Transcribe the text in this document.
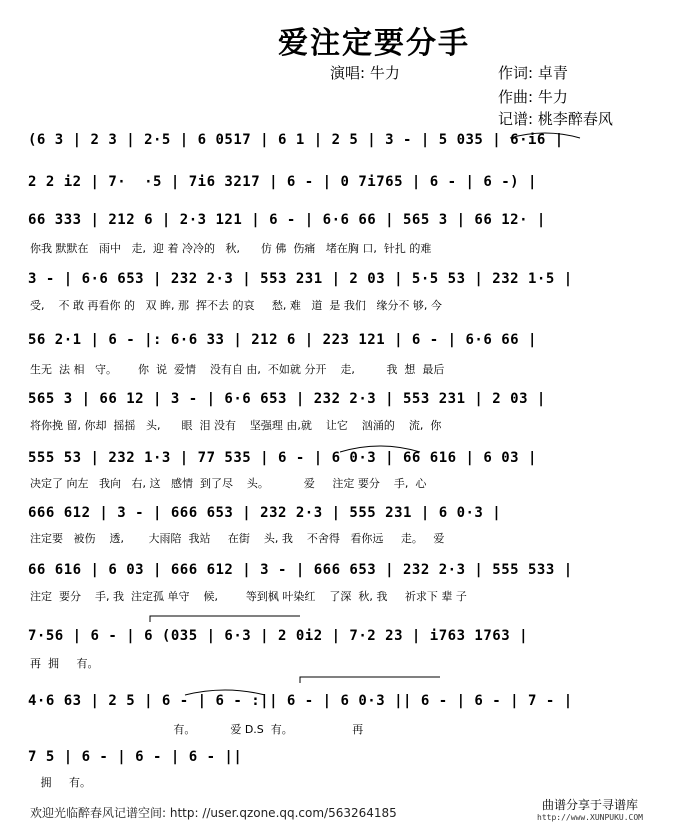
爱注定要分手
演唱: 牛力	作词: 卓青
作曲: 牛力
记谱: 桃李醉春风
(6 3 | 2 3 | 2·5 | 6 0517 | 6 1 | 2 5 | 3 - | 5 035 | 6·i6 |
2 2 i2 | 7·  ·5 | 7i6 3217 | 6 - | 0 7i765 | 6 - | 6 -) |
66 333 | 212 6 | 2·3 121 | 6 - | 6·6 66 | 565 3 | 66 12· |
你我 默默在   雨中   走,  迎 着 冷冷的   秋,      仿 佛  伤痛   堵在胸 口,  针扎 的难
3 - | 6·6 653 | 232 2·3 | 553 231 | 2 03 | 5·5 53 | 232 1·5 |
受,    不 敢 再看你 的   双 眸, 那  挥不去 的哀     愁, 难   道  是 我们   缘分不 够, 今
56 2·1 | 6 - |: 6·6 33 | 212 6 | 223 121 | 6 - | 6·6 66 |
生无  法 相   守。      你  说  爱情    没有自 由,  不如就 分开    走,         我  想  最后
565 3 | 66 12 | 3 - | 6·6 653 | 232 2·3 | 553 231 | 2 03 |
将你挽 留, 你却  摇摇   头,      眼  泪 没有    坚强理 由,就    让它    汹涌的    流,  你
555 53 | 232 1·3 | 77 535 | 6 - | 6 0·3 | 66 616 | 6 03 |
决定了 向左   我向   右, 这   感情  到了尽    头。          爱     注定 要分    手,  心
666 612 | 3 - | 666 653 | 232 2·3 | 555 231 | 6 0·3 |
注定要   被伤    透,       大雨陪  我站     在街    头, 我    不舍得   看你远     走。   爱
66 616 | 6 03 | 666 612 | 3 - | 666 653 | 232 2·3 | 555 533 |
注定  要分    手, 我  注定孤 单守    候,        等到枫 叶染红    了深  秋, 我     祈求下 辈 子
7·56 | 6 - | 6 (035 | 6·3 | 2 0i2 | 7·2 23 | i763 1763 |
再  拥     有。
4·6 63 | 2 5 | 6 - | 6 - :|| 6 - | 6 0·3 || 6 - | 6 - | 7 - |
有。          爱 D.S  有。                 再
7 5 | 6 - | 6 - | 6 - ||
拥     有。
欢迎光临醉春风记谱空间: http: //user.qzone.qq.com/563264185
曲谱分享于寻谱库
http://www.XUNPUKU.COM
